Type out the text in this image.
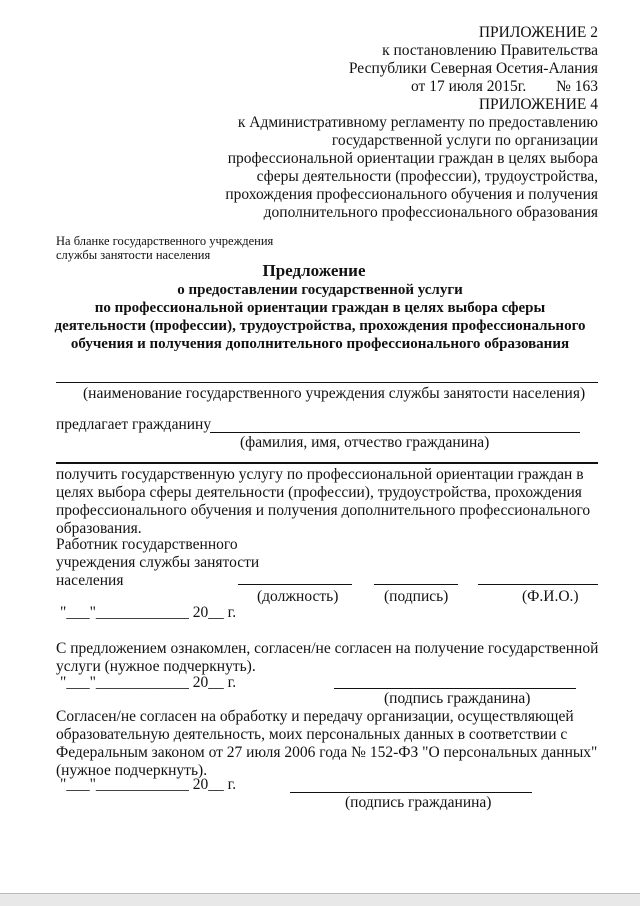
ПРИЛОЖЕНИЕ 2
к постановлению Правительства
Республики Северная Осетия-Алания
от 17 июля 2015г. № 163
ПРИЛОЖЕНИЕ 4
к Административному регламенту по предоставлению
государственной услуги по организации
профессиональной ориентации граждан в целях выбора
сферы деятельности (профессии), трудоустройства,
прохождения профессионального обучения и получения
дополнительного профессионального образования
На бланке государственного учреждения
службы занятости населения
Предложение
о предоставлении государственной услуги
по профессиональной ориентации граждан в целях выбора сферы
деятельности (профессии), трудоустройства, прохождения профессионального
обучения и получения дополнительного профессионального образования
(наименование государственного учреждения службы занятости населения)
предлагает гражданину
(фамилия, имя, отчество гражданина)
получить государственную услугу по профессиональной ориентации граждан в
целях выбора сферы деятельности (профессии), трудоустройства, прохождения
профессионального обучения и получения дополнительного профессионального
образования.
Работник государственного
учреждения службы занятости
населения
(должность)	(подпись)	(Ф.И.О.)
"___"____________ 20__ г.
С предложением ознакомлен, согласен/не согласен на получение государственной
услуги (нужное подчеркнуть).
"___"____________ 20__ г.
(подпись гражданина)
Согласен/не согласен на обработку и передачу организации, осуществляющей
образовательную деятельность, моих персональных данных в соответствии с
Федеральным законом от 27 июля 2006 года № 152-ФЗ "О персональных данных"
(нужное подчеркнуть).
"___"____________ 20__ г.
(подпись гражданина)
